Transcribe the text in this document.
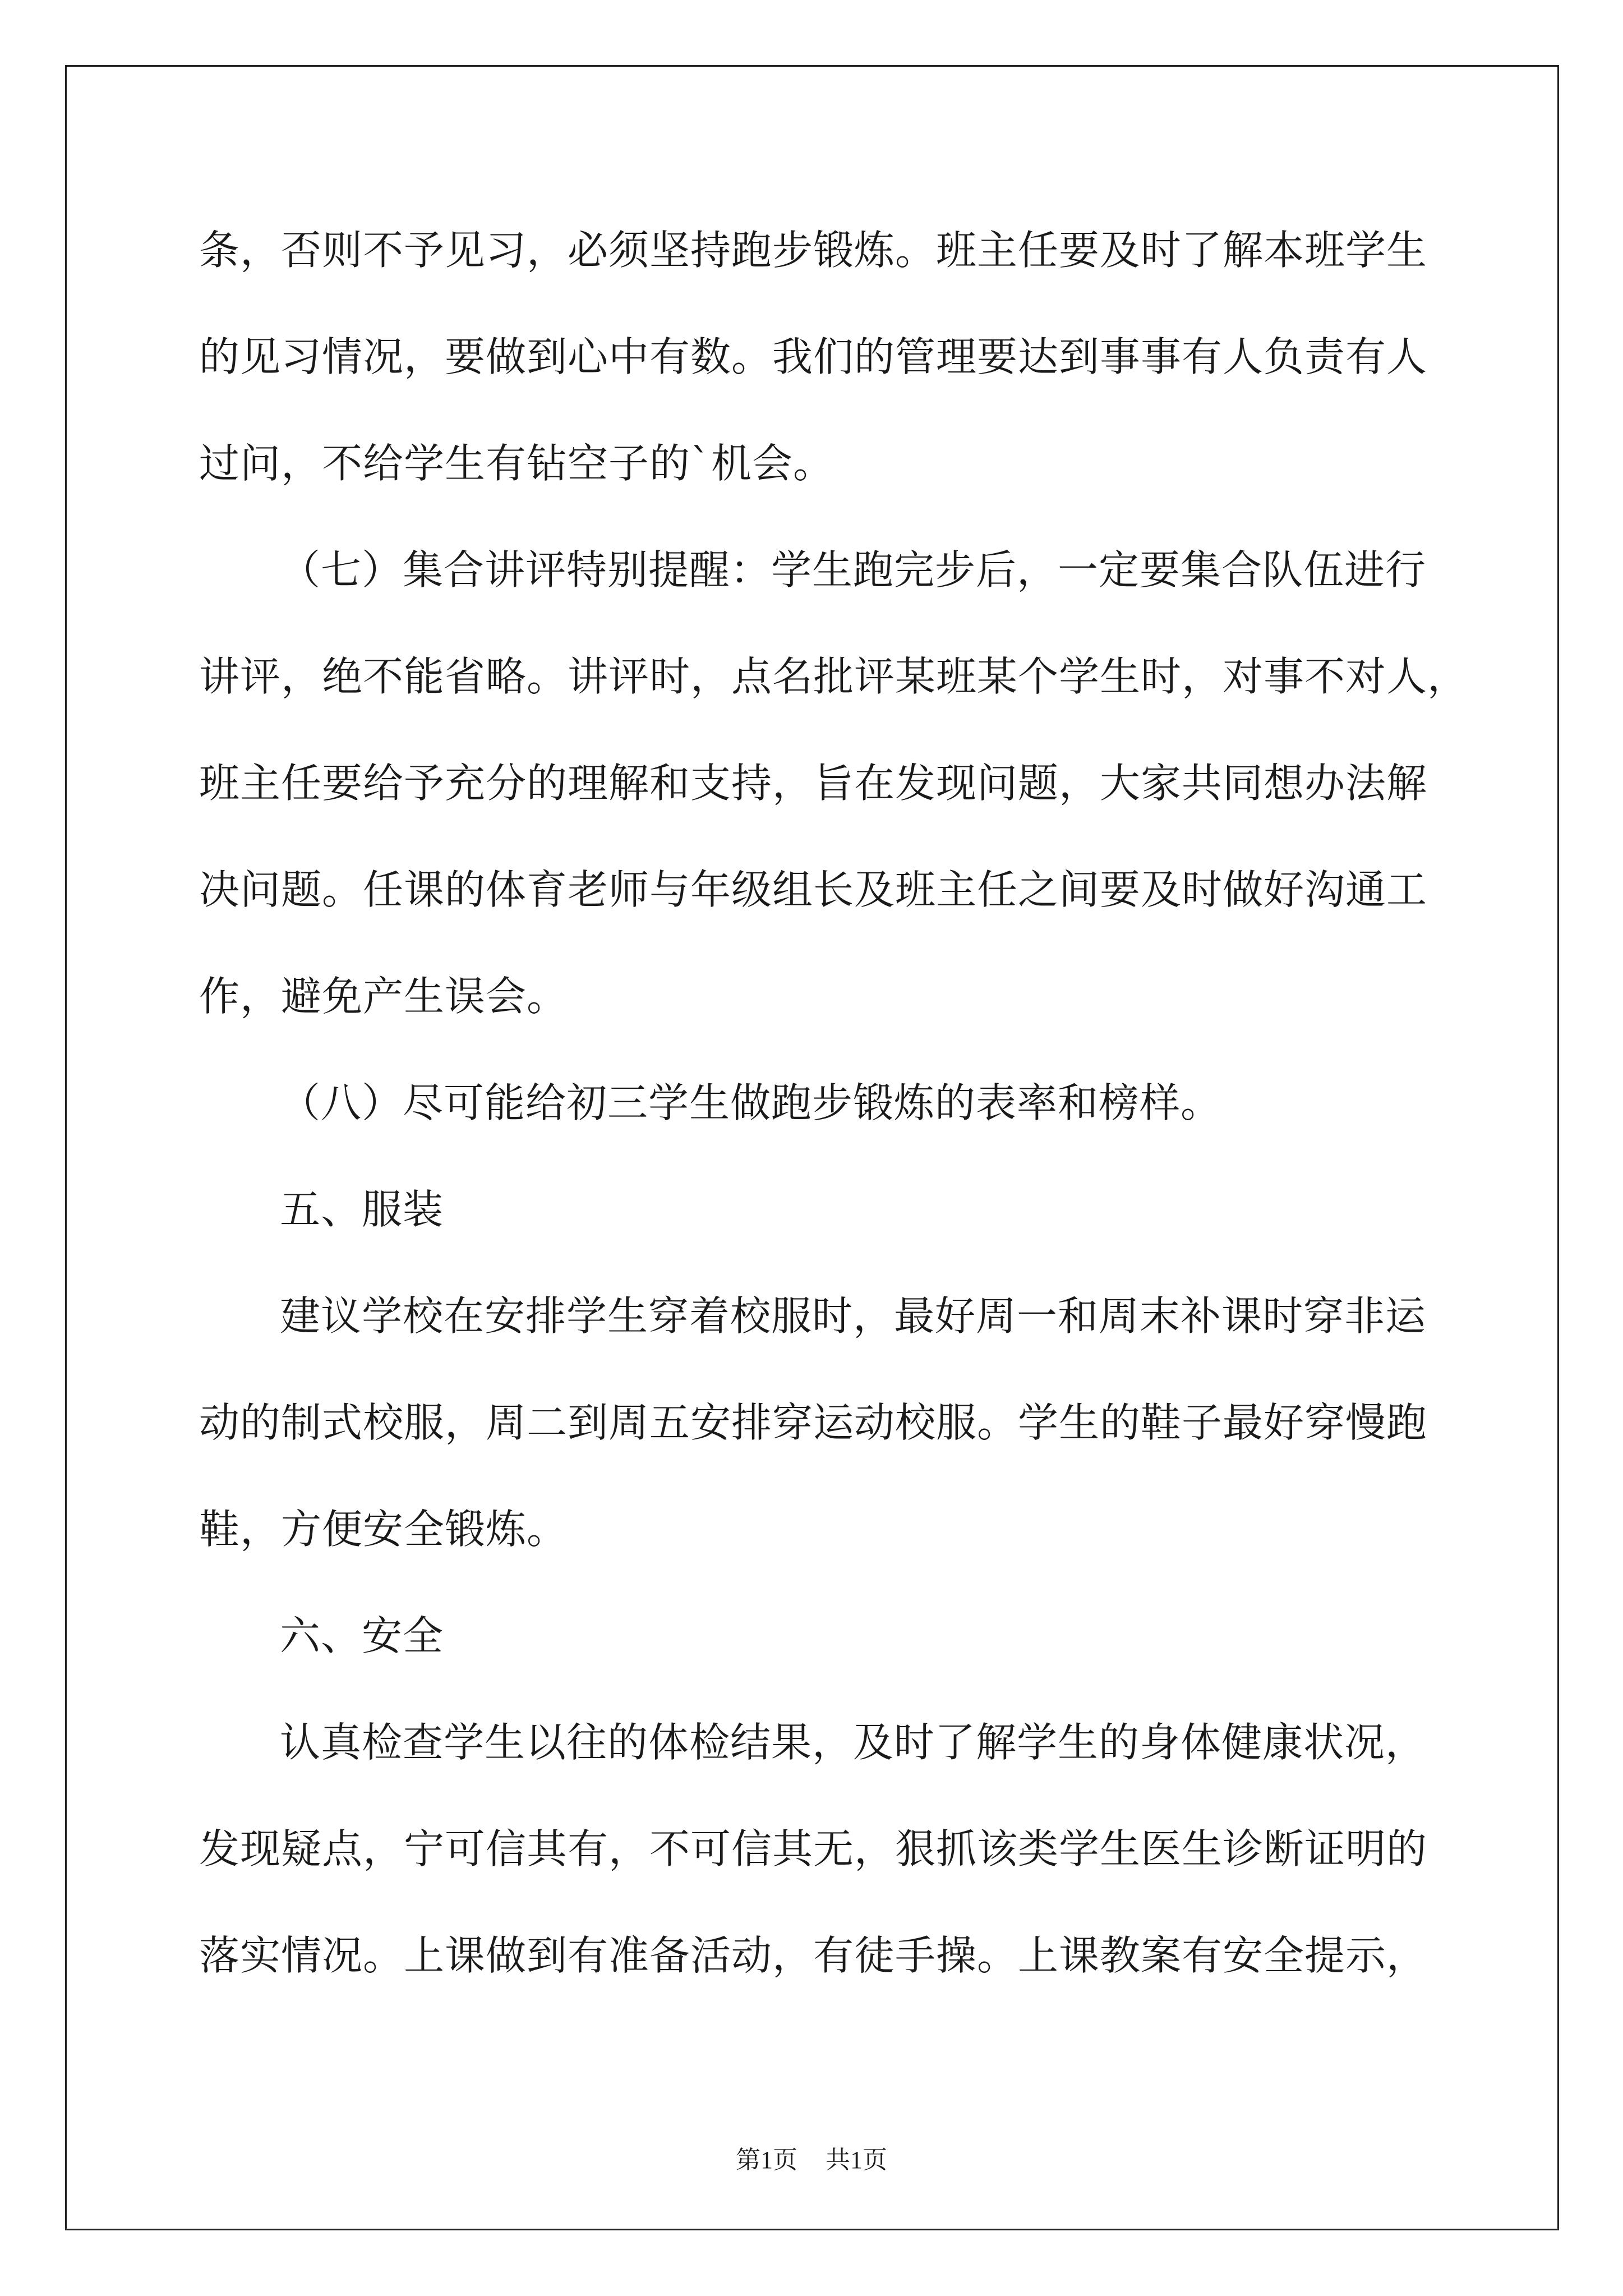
条，否则不予见习，必须坚持跑步锻炼。班主任要及时了解本班学生
的见习情况，要做到心中有数。我们的管理要达到事事有人负责有人
过问，不给学生有钻空子的`机会。
（七）集合讲评特别提醒：学生跑完步后，一定要集合队伍进行
讲评，绝不能省略。讲评时，点名批评某班某个学生时，对事不对人，
班主任要给予充分的理解和支持，旨在发现问题，大家共同想办法解
决问题。任课的体育老师与年级组长及班主任之间要及时做好沟通工
作，避免产生误会。
（八）尽可能给初三学生做跑步锻炼的表率和榜样。
五、服装
建议学校在安排学生穿着校服时，最好周一和周末补课时穿非运
动的制式校服，周二到周五安排穿运动校服。学生的鞋子最好穿慢跑
鞋，方便安全锻炼。
六、安全
认真检查学生以往的体检结果，及时了解学生的身体健康状况，
发现疑点，宁可信其有，不可信其无，狠抓该类学生医生诊断证明的
落实情况。上课做到有准备活动，有徒手操。上课教案有安全提示，
第1页 共1页
